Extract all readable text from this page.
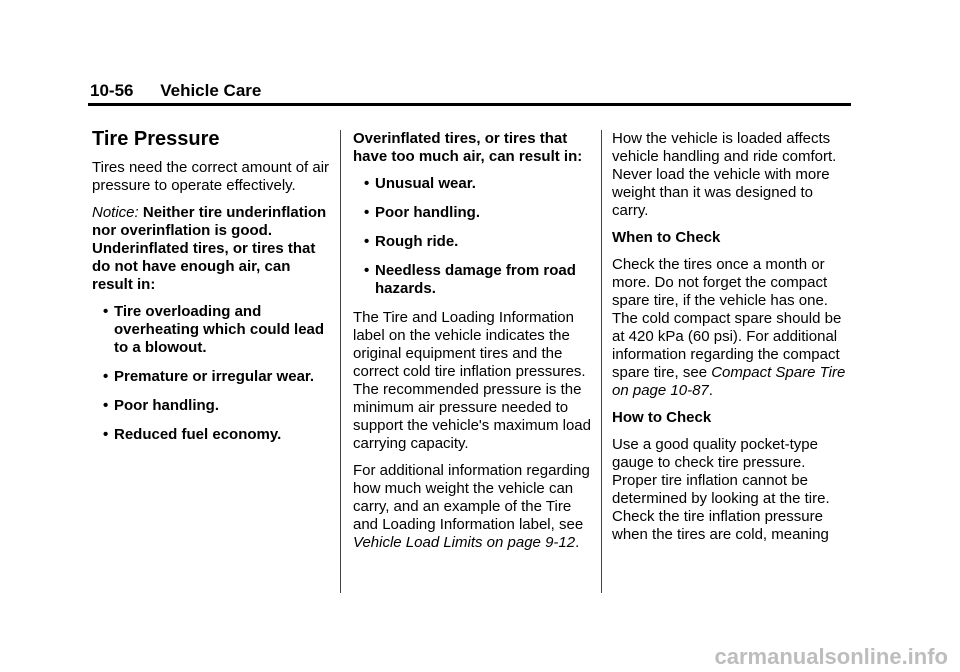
10-56 Vehicle Care
Tire Pressure

Tires need the correct amount of air pressure to operate effectively.

Notice: Neither tire underinflation nor overinflation is good. Underinflated tires, or tires that do not have enough air, can result in:

• Tire overloading and overheating which could lead to a blowout.
• Premature or irregular wear.
• Poor handling.
• Reduced fuel economy.

Overinflated tires, or tires that have too much air, can result in:

• Unusual wear.
• Poor handling.
• Rough ride.
• Needless damage from road hazards.

The Tire and Loading Information label on the vehicle indicates the original equipment tires and the correct cold tire inflation pressures. The recommended pressure is the minimum air pressure needed to support the vehicle's maximum load carrying capacity.

For additional information regarding how much weight the vehicle can carry, and an example of the Tire and Loading Information label, see Vehicle Load Limits on page 9-12.

How the vehicle is loaded affects vehicle handling and ride comfort. Never load the vehicle with more weight than it was designed to carry.

When to Check

Check the tires once a month or more. Do not forget the compact spare tire, if the vehicle has one. The cold compact spare should be at 420 kPa (60 psi). For additional information regarding the compact spare tire, see Compact Spare Tire on page 10-87.

How to Check

Use a good quality pocket-type gauge to check tire pressure. Proper tire inflation cannot be determined by looking at the tire. Check the tire inflation pressure when the tires are cold, meaning

carmanualsonline.info
